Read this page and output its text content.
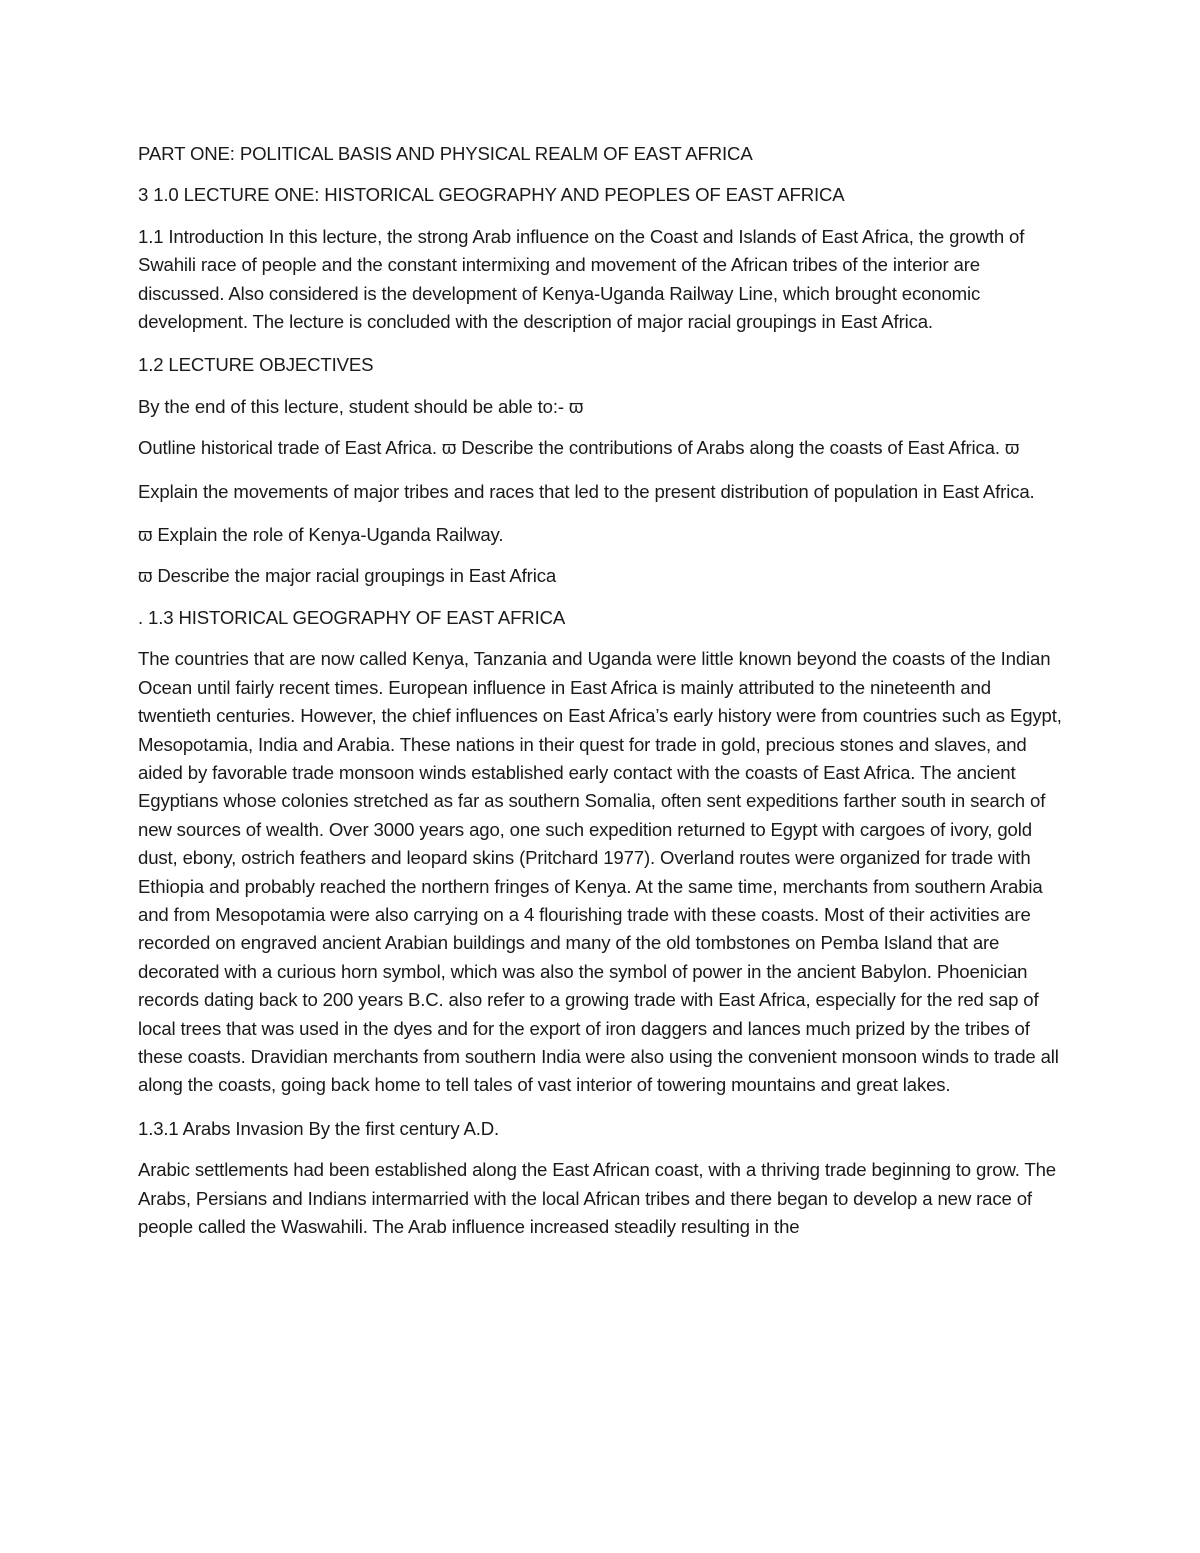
PART ONE: POLITICAL BASIS AND PHYSICAL REALM OF EAST AFRICA

3 1.0 LECTURE ONE: HISTORICAL GEOGRAPHY AND PEOPLES OF EAST AFRICA

1.1 Introduction In this lecture, the strong Arab influence on the Coast and Islands of East Africa, the growth of Swahili race of people and the constant intermixing and movement of the African tribes of the interior are discussed. Also considered is the development of Kenya-Uganda Railway Line, which brought economic development. The lecture is concluded with the description of major racial groupings in East Africa.

1.2 LECTURE OBJECTIVES

By the end of this lecture, student should be able to:- ϖ

Outline historical trade of East Africa. ϖ Describe the contributions of Arabs along the coasts of East Africa. ϖ

Explain the movements of major tribes and races that led to the present distribution of population in East Africa.

ϖ Explain the role of Kenya-Uganda Railway.

ϖ Describe the major racial groupings in East Africa

. 1.3 HISTORICAL GEOGRAPHY OF EAST AFRICA

The countries that are now called Kenya, Tanzania and Uganda were little known beyond the coasts of the Indian Ocean until fairly recent times. European influence in East Africa is mainly attributed to the nineteenth and twentieth centuries. However, the chief influences on East Africa’s early history were from countries such as Egypt, Mesopotamia, India and Arabia. These nations in their quest for trade in gold, precious stones and slaves, and aided by favorable trade monsoon winds established early contact with the coasts of East Africa. The ancient Egyptians whose colonies stretched as far as southern Somalia, often sent expeditions farther south in search of new sources of wealth. Over 3000 years ago, one such expedition returned to Egypt with cargoes of ivory, gold dust, ebony, ostrich feathers and leopard skins (Pritchard 1977). Overland routes were organized for trade with Ethiopia and probably reached the northern fringes of Kenya. At the same time, merchants from southern Arabia and from Mesopotamia were also carrying on a 4 flourishing trade with these coasts. Most of their activities are recorded on engraved ancient Arabian buildings and many of the old tombstones on Pemba Island that are decorated with a curious horn symbol, which was also the symbol of power in the ancient Babylon. Phoenician records dating back to 200 years B.C. also refer to a growing trade with East Africa, especially for the red sap of local trees that was used in the dyes and for the export of iron daggers and lances much prized by the tribes of these coasts. Dravidian merchants from southern India were also using the convenient monsoon winds to trade all along the coasts, going back home to tell tales of vast interior of towering mountains and great lakes.

1.3.1 Arabs Invasion By the first century A.D.

Arabic settlements had been established along the East African coast, with a thriving trade beginning to grow. The Arabs, Persians and Indians intermarried with the local African tribes and there began to develop a new race of people called the Waswahili. The Arab influence increased steadily resulting in the
